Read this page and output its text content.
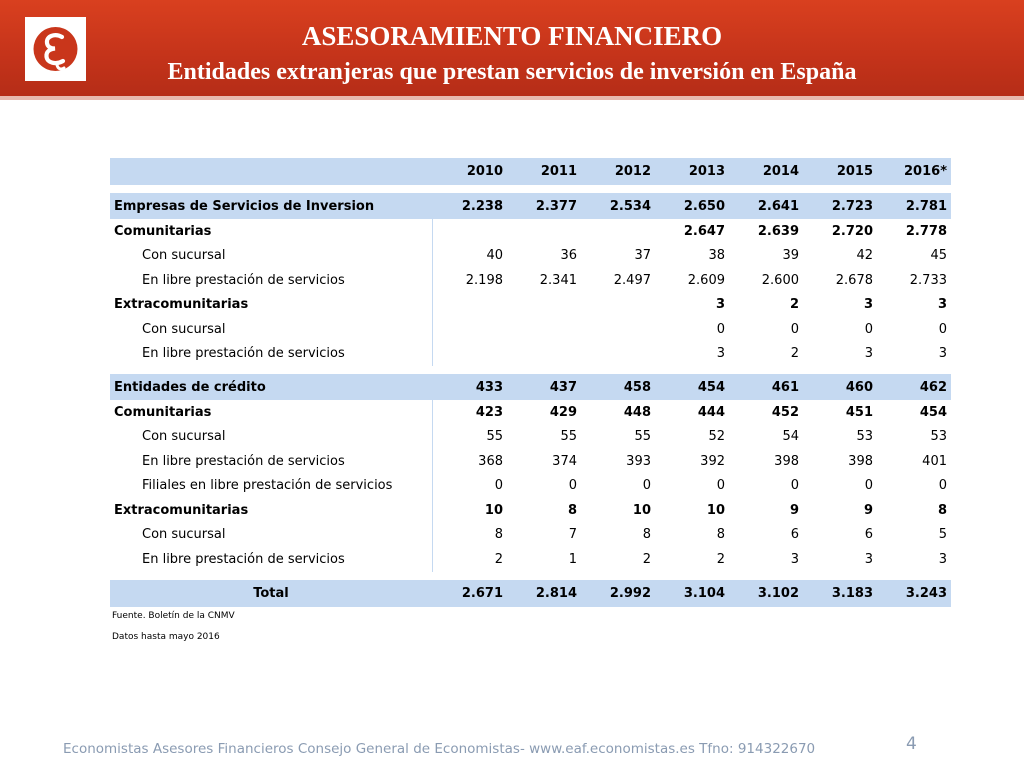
ASESORAMIENTO FINANCIERO
Entidades extranjeras que prestan servicios de inversión en España
	2010	2011	2012	2013	2014	2015	2016*

Empresas de Servicios de Inversion	2.238	2.377	2.534	2.650	2.641	2.723	2.781
Comunitarias				2.647	2.639	2.720	2.778
Con sucursal	40	36	37	38	39	42	45
En libre prestación de servicios	2.198	2.341	2.497	2.609	2.600	2.678	2.733
Extracomunitarias				3	2	3	3
Con sucursal				0	0	0	0
En libre prestación de servicios				3	2	3	3

Entidades de crédito	433	437	458	454	461	460	462
Comunitarias	423	429	448	444	452	451	454
Con sucursal	55	55	55	52	54	53	53
En libre prestación de servicios	368	374	393	392	398	398	401
Filiales en libre prestación de servicios	0	0	0	0	0	0	0
Extracomunitarias	10	8	10	10	9	9	8
Con sucursal	8	7	8	8	6	6	5
En libre prestación de servicios	2	1	2	2	3	3	3

Total	2.671	2.814	2.992	3.104	3.102	3.183	3.243
Fuente. Boletín de la CNMV
Datos hasta mayo 2016
Economistas Asesores Financieros Consejo General de Economistas- www.eaf.economistas.es Tfno: 914322670	4
